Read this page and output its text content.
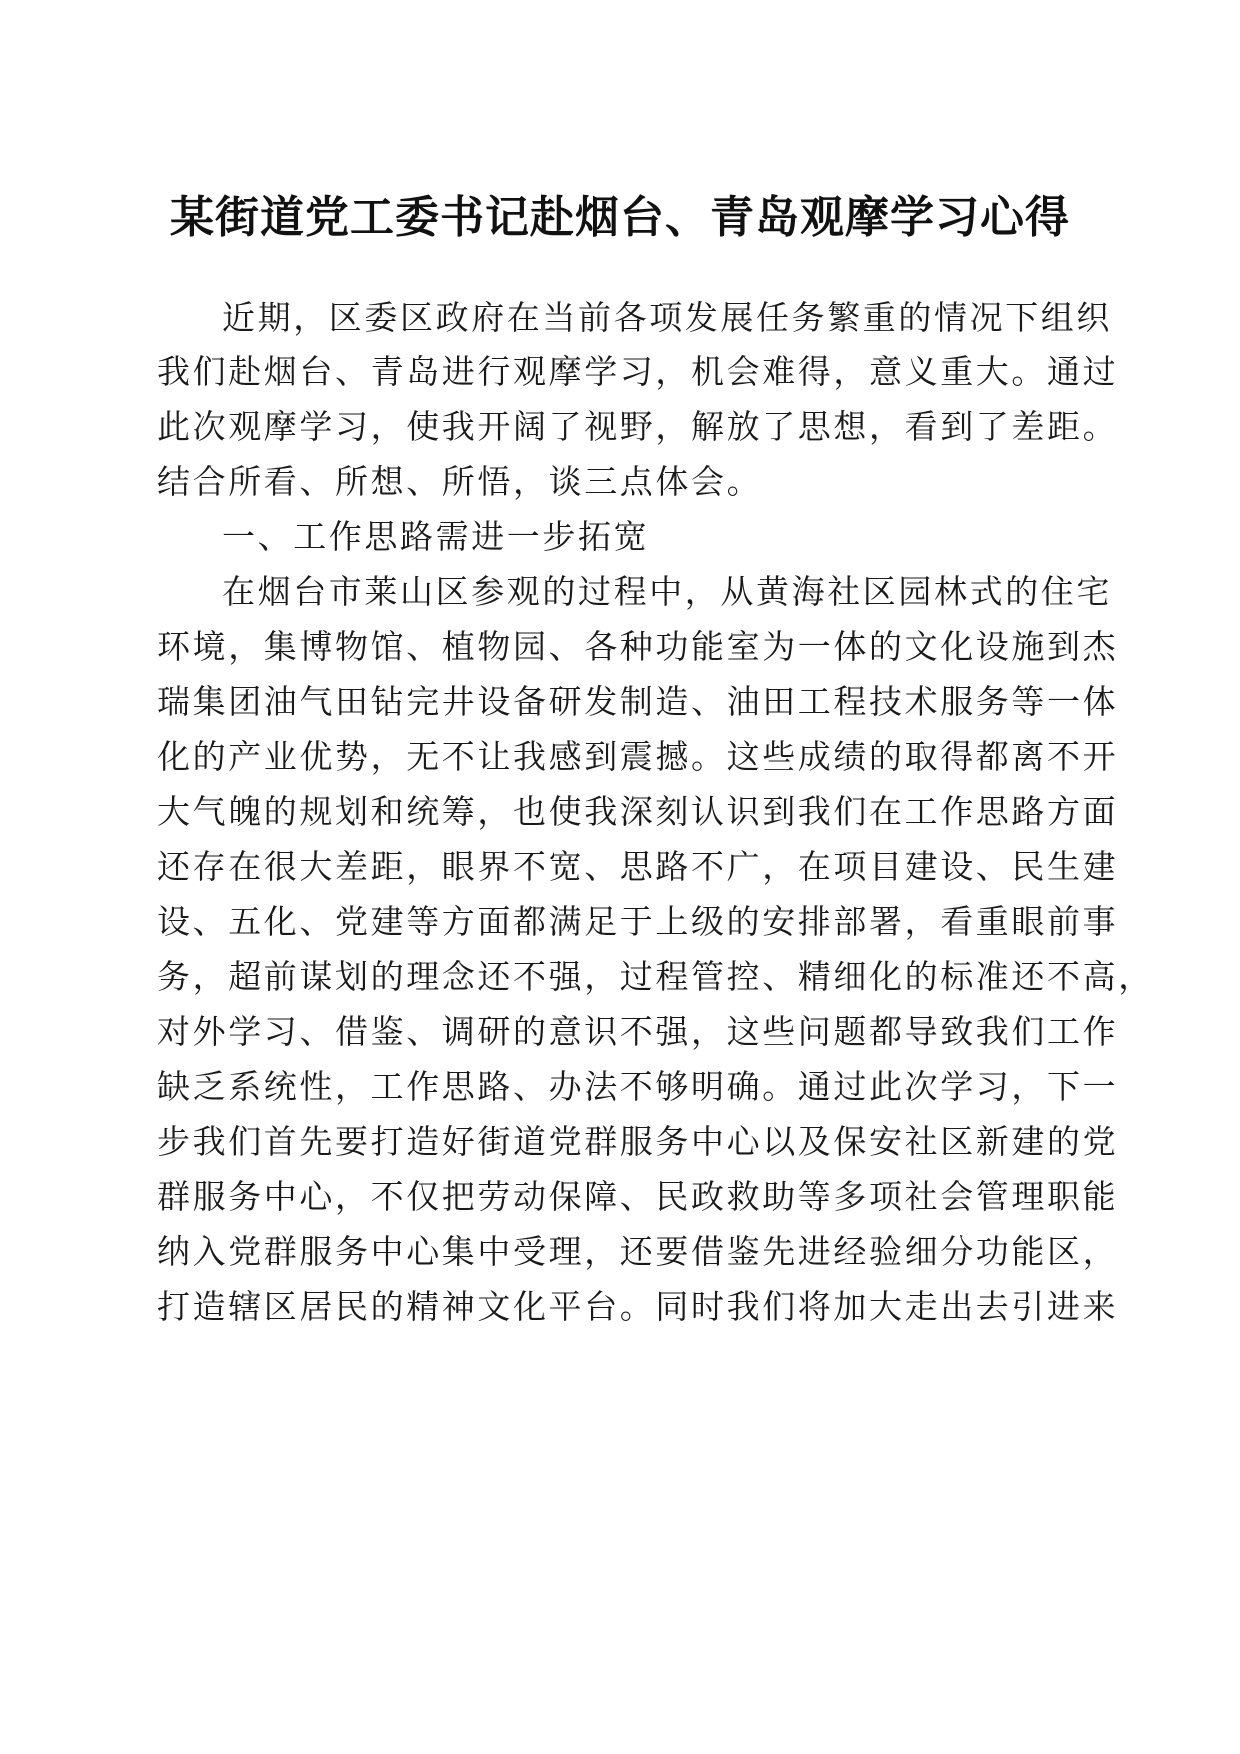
某街道党工委书记赴烟台、青岛观摩学习心得
近期，区委区政府在当前各项发展任务繁重的情况下组织
我们赴烟台、青岛进行观摩学习，机会难得，意义重大。通过
此次观摩学习，使我开阔了视野，解放了思想，看到了差距。
结合所看、所想、所悟，谈三点体会。
一、工作思路需进一步拓宽
在烟台市莱山区参观的过程中，从黄海社区园林式的住宅
环境，集博物馆、植物园、各种功能室为一体的文化设施到杰
瑞集团油气田钻完井设备研发制造、油田工程技术服务等一体
化的产业优势，无不让我感到震撼。这些成绩的取得都离不开
大气魄的规划和统筹，也使我深刻认识到我们在工作思路方面
还存在很大差距，眼界不宽、思路不广，在项目建设、民生建
设、五化、党建等方面都满足于上级的安排部署，看重眼前事
务，超前谋划的理念还不强，过程管控、精细化的标准还不高，
对外学习、借鉴、调研的意识不强，这些问题都导致我们工作
缺乏系统性，工作思路、办法不够明确。通过此次学习，下一
步我们首先要打造好街道党群服务中心以及保安社区新建的党
群服务中心，不仅把劳动保障、民政救助等多项社会管理职能
纳入党群服务中心集中受理，还要借鉴先进经验细分功能区，
打造辖区居民的精神文化平台。同时我们将加大走出去引进来
